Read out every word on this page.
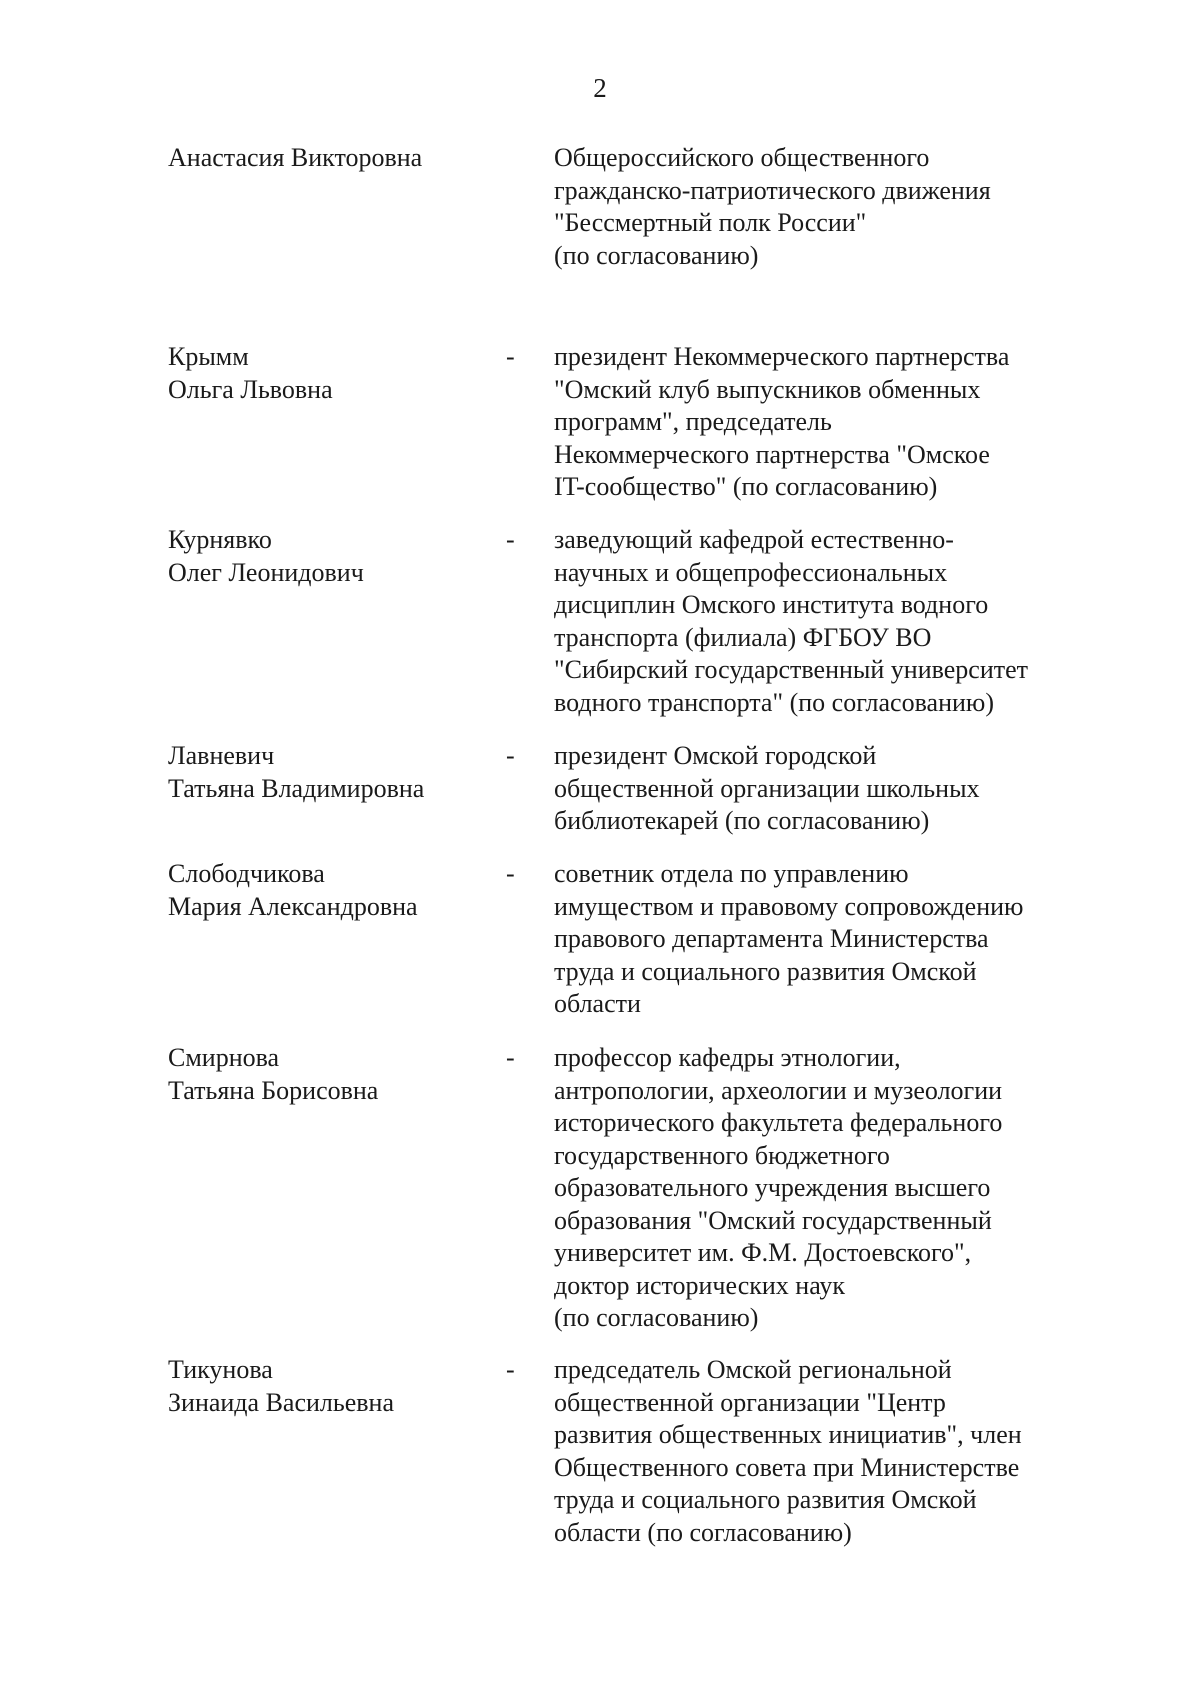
2
Анастасия Викторовна	Общероссийского общественного
гражданско-патриотического движения
"Бессмертный полк России"
(по согласованию)
Крымм
Ольга Львовна
- президент Некоммерческого партнерства
"Омский клуб выпускников обменных
программ", председатель
Некоммерческого партнерства "Омское
IT-сообщество" (по согласованию)
Курнявко
Олег Леонидович
- заведующий кафедрой естественно-
научных и общепрофессиональных
дисциплин Омского института водного
транспорта (филиала) ФГБОУ ВО
"Сибирский государственный университет
водного транспорта" (по согласованию)
Лавневич
Татьяна Владимировна
- президент Омской городской
общественной организации школьных
библиотекарей (по согласованию)
Слободчикова
Мария Александровна
- советник отдела по управлению
имуществом и правовому сопровождению
правового департамента Министерства
труда и социального развития Омской
области
Смирнова
Татьяна Борисовна
- профессор кафедры этнологии,
антропологии, археологии и музеологии
исторического факультета федерального
государственного бюджетного
образовательного учреждения высшего
образования "Омский государственный
университет им. Ф.М. Достоевского",
доктор исторических наук
(по согласованию)
Тикунова
Зинаида Васильевна
- председатель Омской региональной
общественной организации "Центр
развития общественных инициатив", член
Общественного совета при Министерстве
труда и социального развития Омской
области (по согласованию)
